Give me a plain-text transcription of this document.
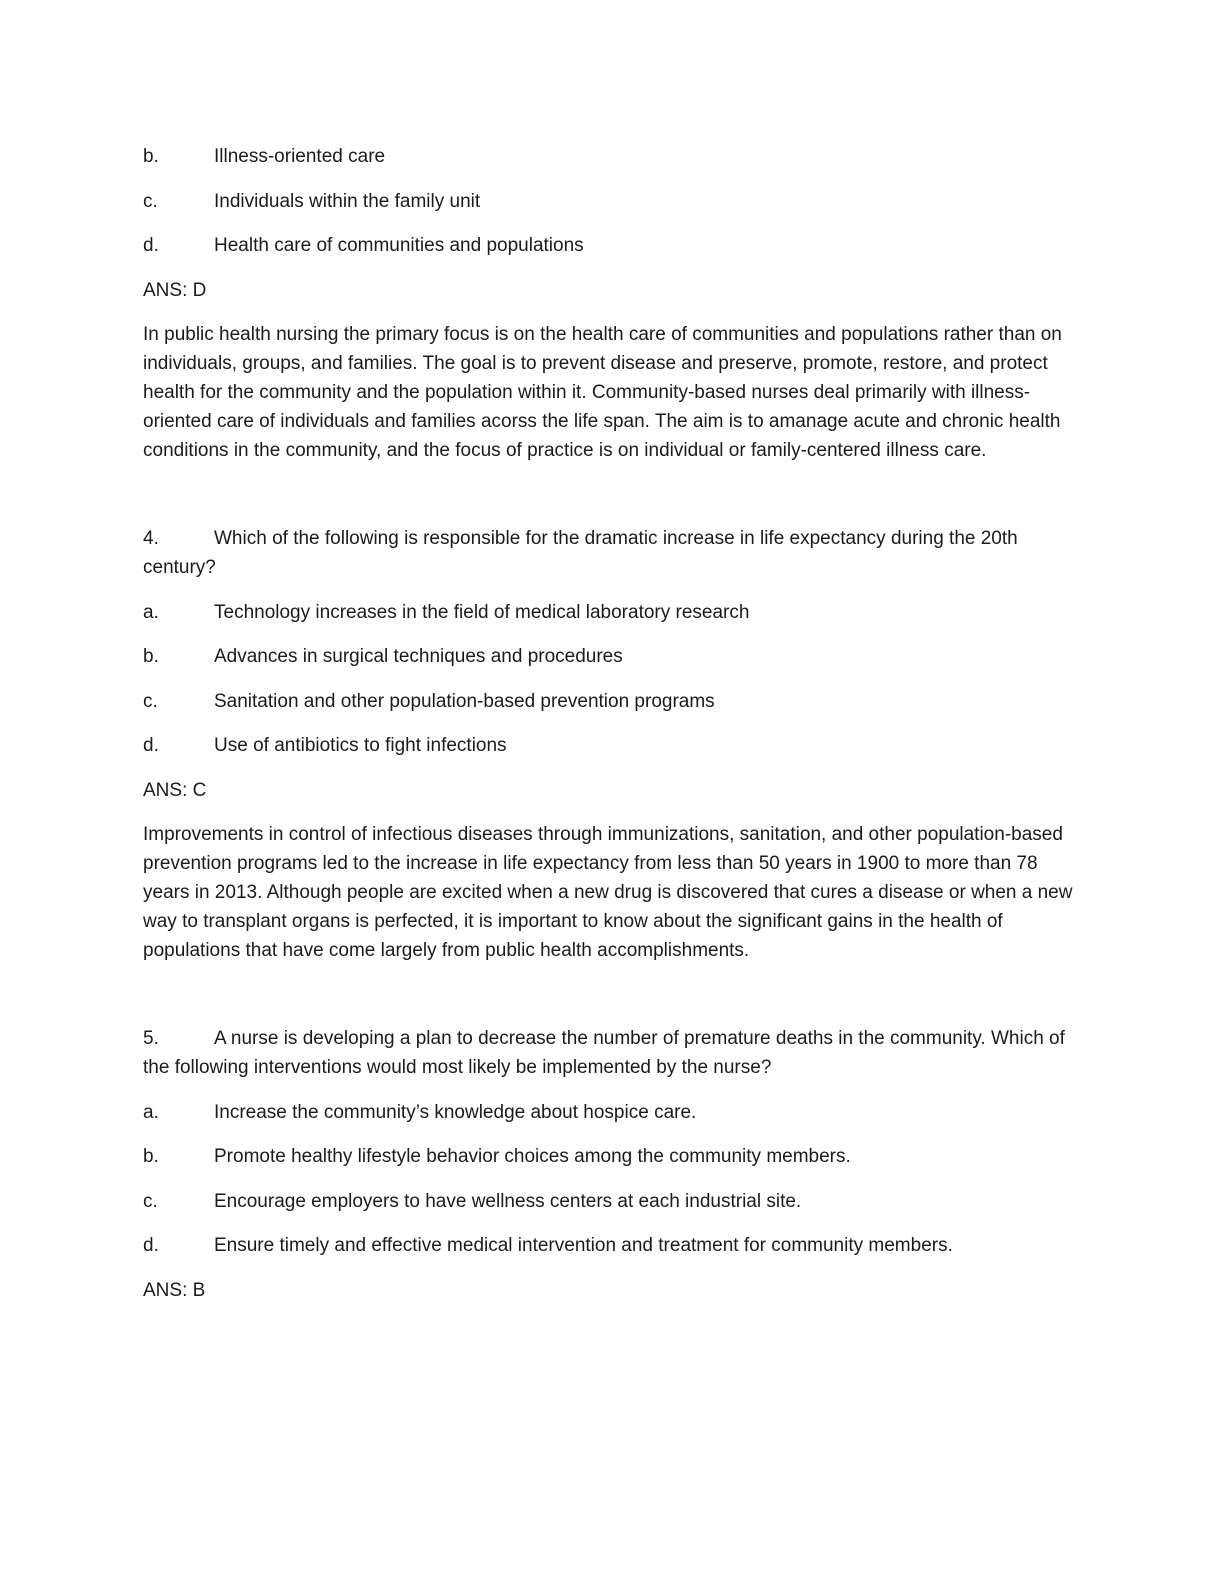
b.	Illness-oriented care
c.	Individuals within the family unit
d.	Health care of communities and populations

ANS: D

In public health nursing the primary focus is on the health care of communities and populations rather than on individuals, groups, and families. The goal is to prevent disease and preserve, promote, restore, and protect health for the community and the population within it. Community-based nurses deal primarily with illness-oriented care of individuals and families acorss the life span. The aim is to amanage acute and chronic health conditions in the community, and the focus of practice is on individual or family-centered illness care.

4.	Which of the following is responsible for the dramatic increase in life expectancy during the 20th century?

a.	Technology increases in the field of medical laboratory research
b.	Advances in surgical techniques and procedures
c.	Sanitation and other population-based prevention programs
d.	Use of antibiotics to fight infections

ANS: C

Improvements in control of infectious diseases through immunizations, sanitation, and other population-based prevention programs led to the increase in life expectancy from less than 50 years in 1900 to more than 78 years in 2013. Although people are excited when a new drug is discovered that cures a disease or when a new way to transplant organs is perfected, it is important to know about the significant gains in the health of populations that have come largely from public health accomplishments.

5.	A nurse is developing a plan to decrease the number of premature deaths in the community. Which of the following interventions would most likely be implemented by the nurse?

a.	Increase the community’s knowledge about hospice care.
b.	Promote healthy lifestyle behavior choices among the community members.
c.	Encourage employers to have wellness centers at each industrial site.
d.	Ensure timely and effective medical intervention and treatment for community members.

ANS: B
